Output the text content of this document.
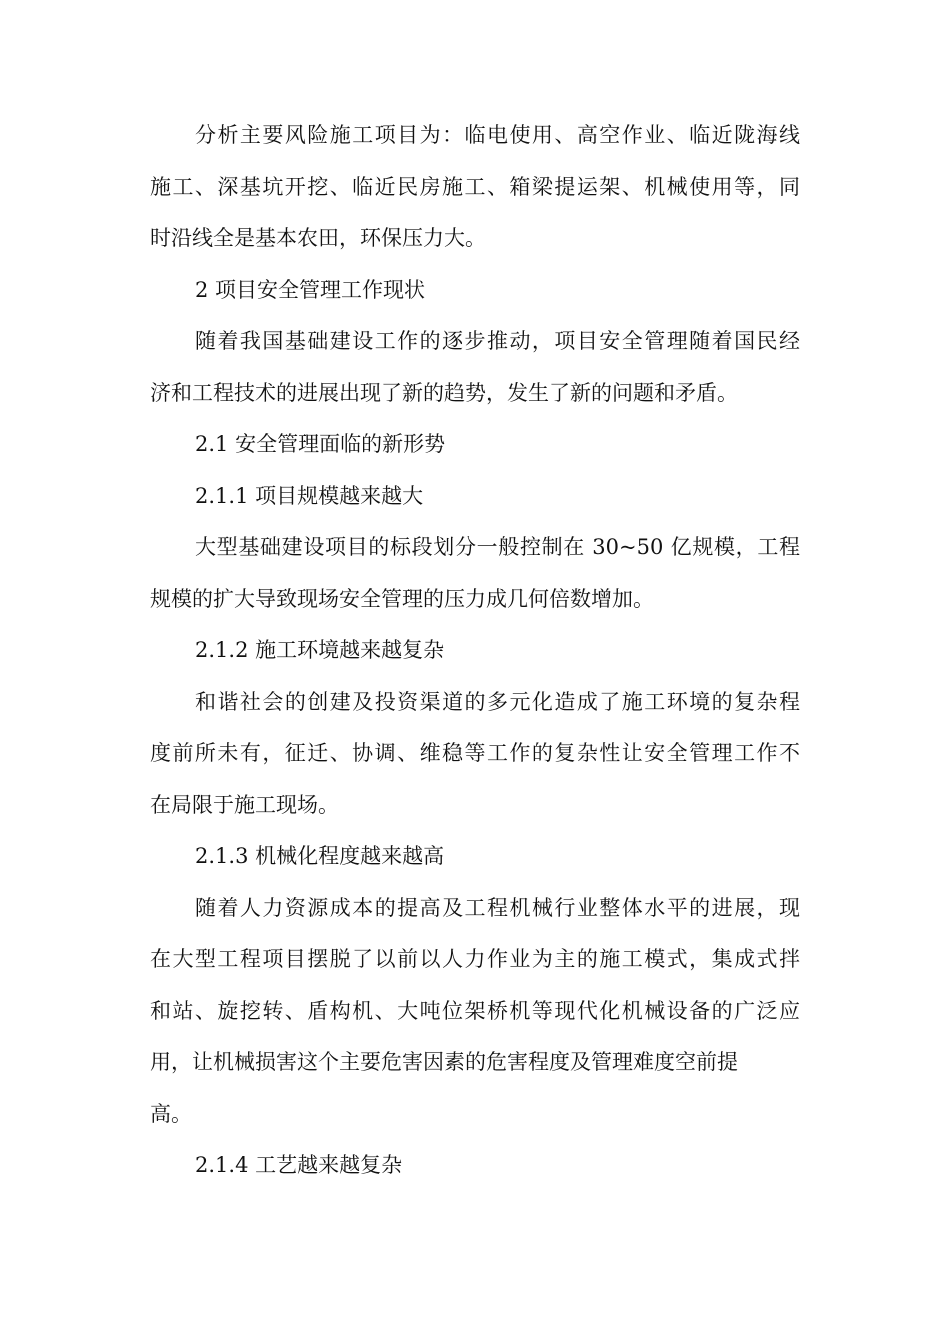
分析主要风险施工项目为：临电使用、高空作业、临近陇海线
施工、深基坑开挖、临近民房施工、箱梁提运架、机械使用等，同
时沿线全是基本农田，环保压力大。

2 项目安全管理工作现状

随着我国基础建设工作的逐步推动，项目安全管理随着国民经
济和工程技术的进展出现了新的趋势，发生了新的问题和矛盾。

2.1 安全管理面临的新形势

2.1.1 项目规模越来越大

大型基础建设项目的标段划分一般控制在 30~50 亿规模，工程
规模的扩大导致现场安全管理的压力成几何倍数增加。

2.1.2 施工环境越来越复杂

和谐社会的创建及投资渠道的多元化造成了施工环境的复杂程
度前所未有，征迁、协调、维稳等工作的复杂性让安全管理工作不
在局限于施工现场。

2.1.3 机械化程度越来越高

随着人力资源成本的提高及工程机械行业整体水平的进展，现
在大型工程项目摆脱了以前以人力作业为主的施工模式，集成式拌
和站、旋挖转、盾构机、大吨位架桥机等现代化机械设备的广泛应
用，让机械损害这个主要危害因素的危害程度及管理难度空前提
高。

2.1.4 工艺越来越复杂
